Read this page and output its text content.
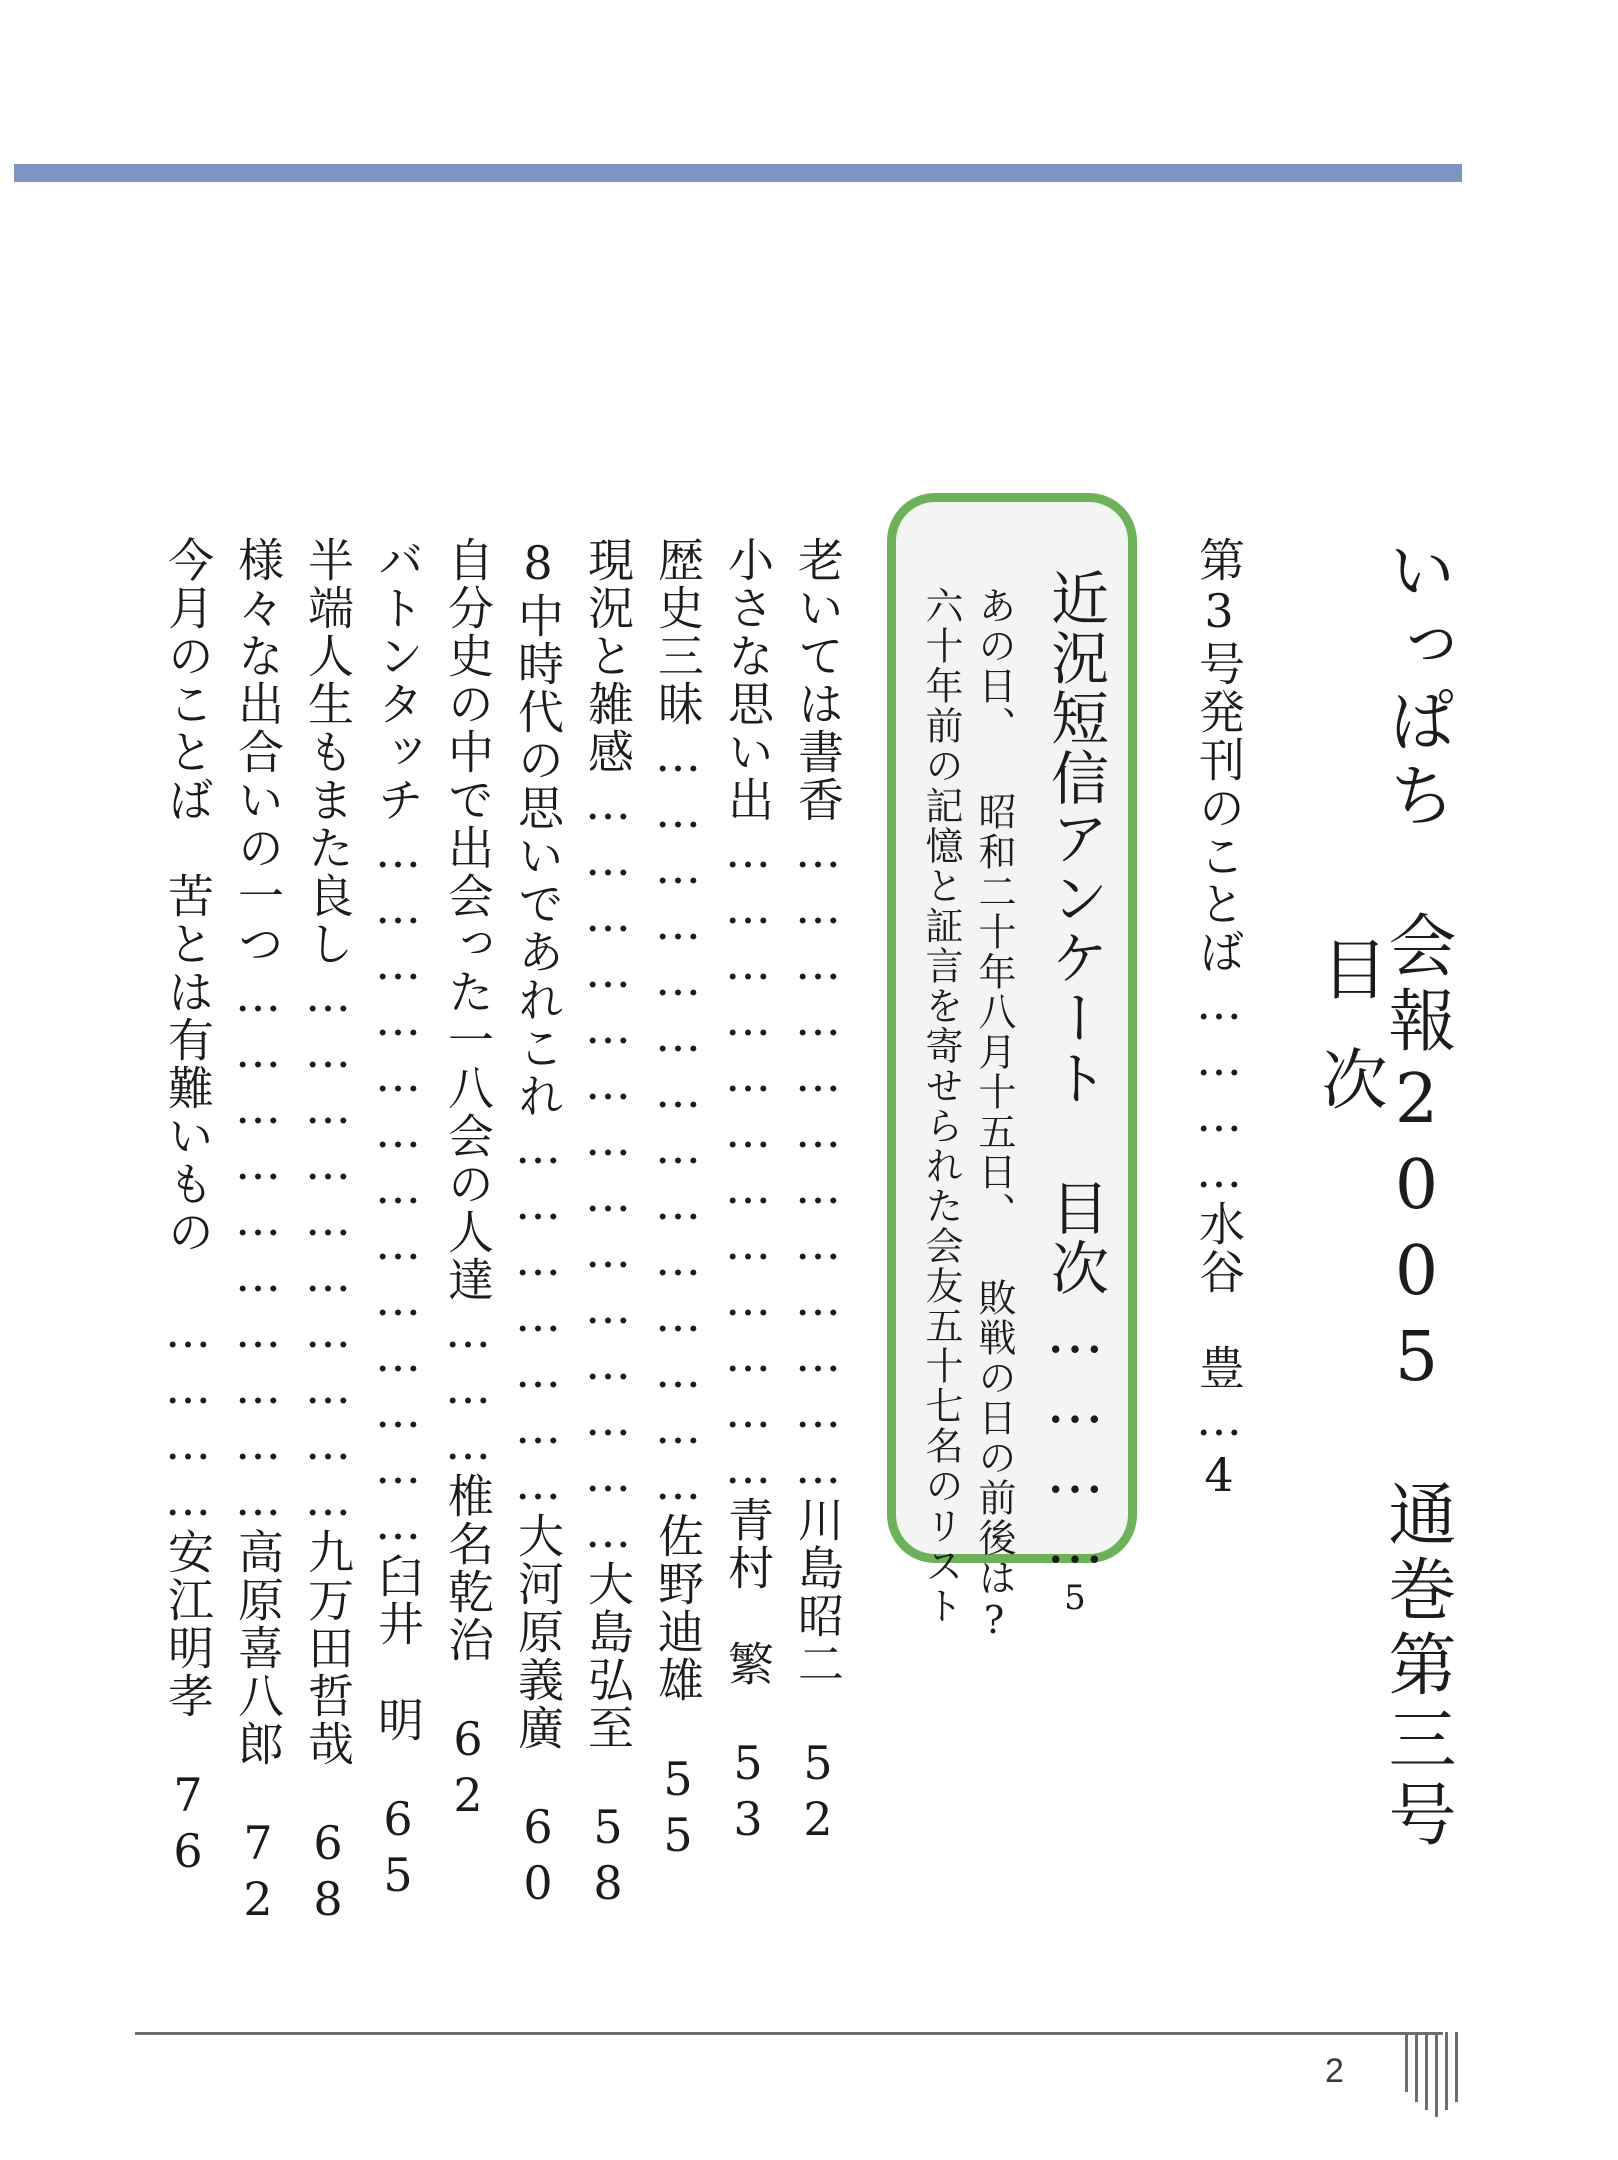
いっぱち　会報2005　通巻第三号
目次
第3号発刊のことば…………水谷　豊…4
近況短信アンケート 目次…………5
あの日、 昭和二十年八月十五日、 敗戦の日の前後は?
六十年前の記憶と証言を寄せられた会友五十七名のリスト
老いては書香………………………………川島昭二　52
小さな思い出………………………………青村　繁　53
歴史三昧……………………………………佐野迪雄　55
現況と雑感……………………………………大島弘至　58
8中時代の思いであれこれ…………………大河原義廣　60
自分史の中で出会った一八会の人達………椎名乾治　62
バトンタッチ…………………………………臼井　明　65
半端人生もまた良し…………………………九万田哲哉　68
様々な出合いの一つ…………………………高原喜八郎　72
今月のことば　苦とは有難いもの　…………安江明孝　76
2
